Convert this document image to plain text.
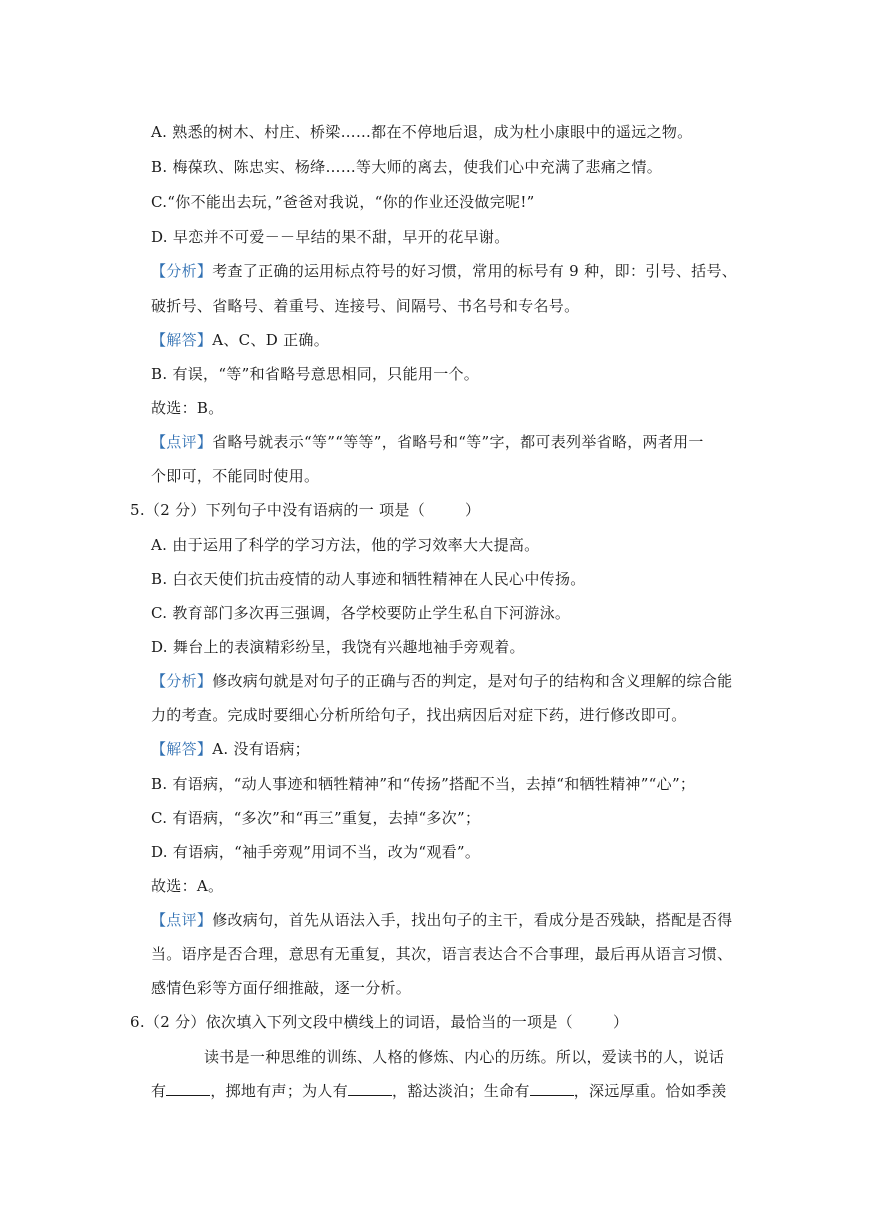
A. 熟悉的树木、村庄、桥梁……都在不停地后退，成为杜小康眼中的遥远之物。
B. 梅葆玖、陈忠实、杨绛……等大师的离去，使我们心中充满了悲痛之情。
C.“你不能出去玩，”爸爸对我说，“你的作业还没做完呢!”
D. 早恋并不可爱－－早结的果不甜，早开的花早谢。
【分析】考查了正确的运用标点符号的好习惯，常用的标号有 9 种，即：引号、括号、
破折号、省略号、着重号、连接号、间隔号、书名号和专名号。
【解答】A、C、D 正确。
B. 有误，“等”和省略号意思相同，只能用一个。
故选：B。
【点评】省略号就表示“等”“等等”，省略号和“等”字，都可表列举省略，两者用一
个即可，不能同时使用。
5.（2 分）下列句子中没有语病的一 项是（	）
A. 由于运用了科学的学习方法，他的学习效率大大提高。
B. 白衣天使们抗击疫情的动人事迹和牺牲精神在人民心中传扬。
C. 教育部门多次再三强调，各学校要防止学生私自下河游泳。
D. 舞台上的表演精彩纷呈，我饶有兴趣地袖手旁观着。
【分析】修改病句就是对句子的正确与否的判定，是对句子的结构和含义理解的综合能
力的考查。完成时要细心分析所给句子，找出病因后对症下药，进行修改即可。
【解答】A. 没有语病；
B. 有语病，“动人事迹和牺牲精神”和“传扬”搭配不当，去掉“和牺牲精神”“心”；
C. 有语病，“多次”和“再三”重复，去掉“多次”；
D. 有语病，“袖手旁观”用词不当，改为“观看”。
故选：A。
【点评】修改病句，首先从语法入手，找出句子的主干，看成分是否残缺，搭配是否得
当。语序是否合理，意思有无重复，其次，语言表达合不合事理，最后再从语言习惯、
感情色彩等方面仔细推敲，逐一分析。
6.（2 分）依次填入下列文段中横线上的词语，最恰当的一项是（	）
读书是一种思维的训练、人格的修炼、内心的历练。所以，爱读书的人，说话
有	，掷地有声；为人有	，豁达淡泊；生命有	，深远厚重。恰如季羡
